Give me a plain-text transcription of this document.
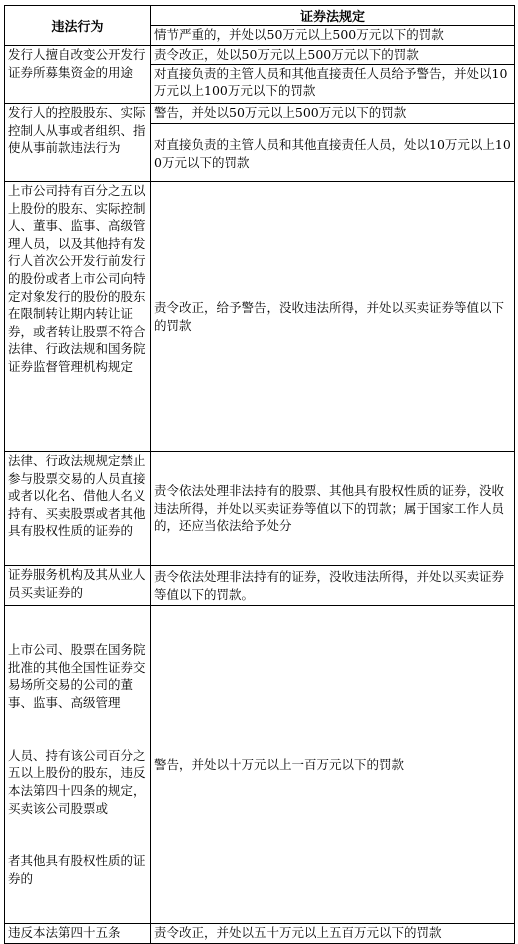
违法行为	证券法规定
	情节严重的，并处以50万元以上500万元以下的罚款
发行人擅自改变公开发行证券所募集资金的用途	责令改正，处以50万元以上500万元以下的罚款
对直接负责的主管人员和其他直接责任人员给予警告，并处以10万元以上100万元以下的罚款

发行人的控股股东、实际控制人从事或者组织、指使从事前款违法行为	警告，并处以50万元以上500万元以下的罚款
对直接负责的主管人员和其他直接责任人员，处以10万元以上100万元以下的罚款

上市公司持有百分之五以上股份的股东、实际控制人、董事、监事、高级管理人员，以及其他持有发行人首次公开发行前发行的股份或者上市公司向特定对象发行的股份的股东在限制转让期内转让证券，或者转让股票不符合法律、行政法规和国务院证券监督管理机构规定	责令改正，给予警告，没收违法所得，并处以买卖证券等值以下的罚款
法律、行政法规规定禁止参与股票交易的人员直接或者以化名、借他人名义持有、买卖股票或者其他具有股权性质的证券的	责令依法处理非法持有的股票、其他具有股权性质的证券，没收违法所得，并处以买卖证券等值以下的罚款；属于国家工作人员的，还应当依法给予处分
证券服务机构及其从业人员买卖证券的	责令依法处理非法持有的证券，没收违法所得，并处以买卖证券等值以下的罚款。

上市公司、股票在国务院批准的其他全国性证券交易场所交易的公司的董事、监事、高级管理

人员、持有该公司百分之五以上股份的股东，违反本法第四十四条的规定，买卖该公司股票或

者其他具有股权性质的证券的	警告，并处以十万元以上一百万元以下的罚款
违反本法第四十五条	责令改正，并处以五十万元以上五百万元以下的罚款
